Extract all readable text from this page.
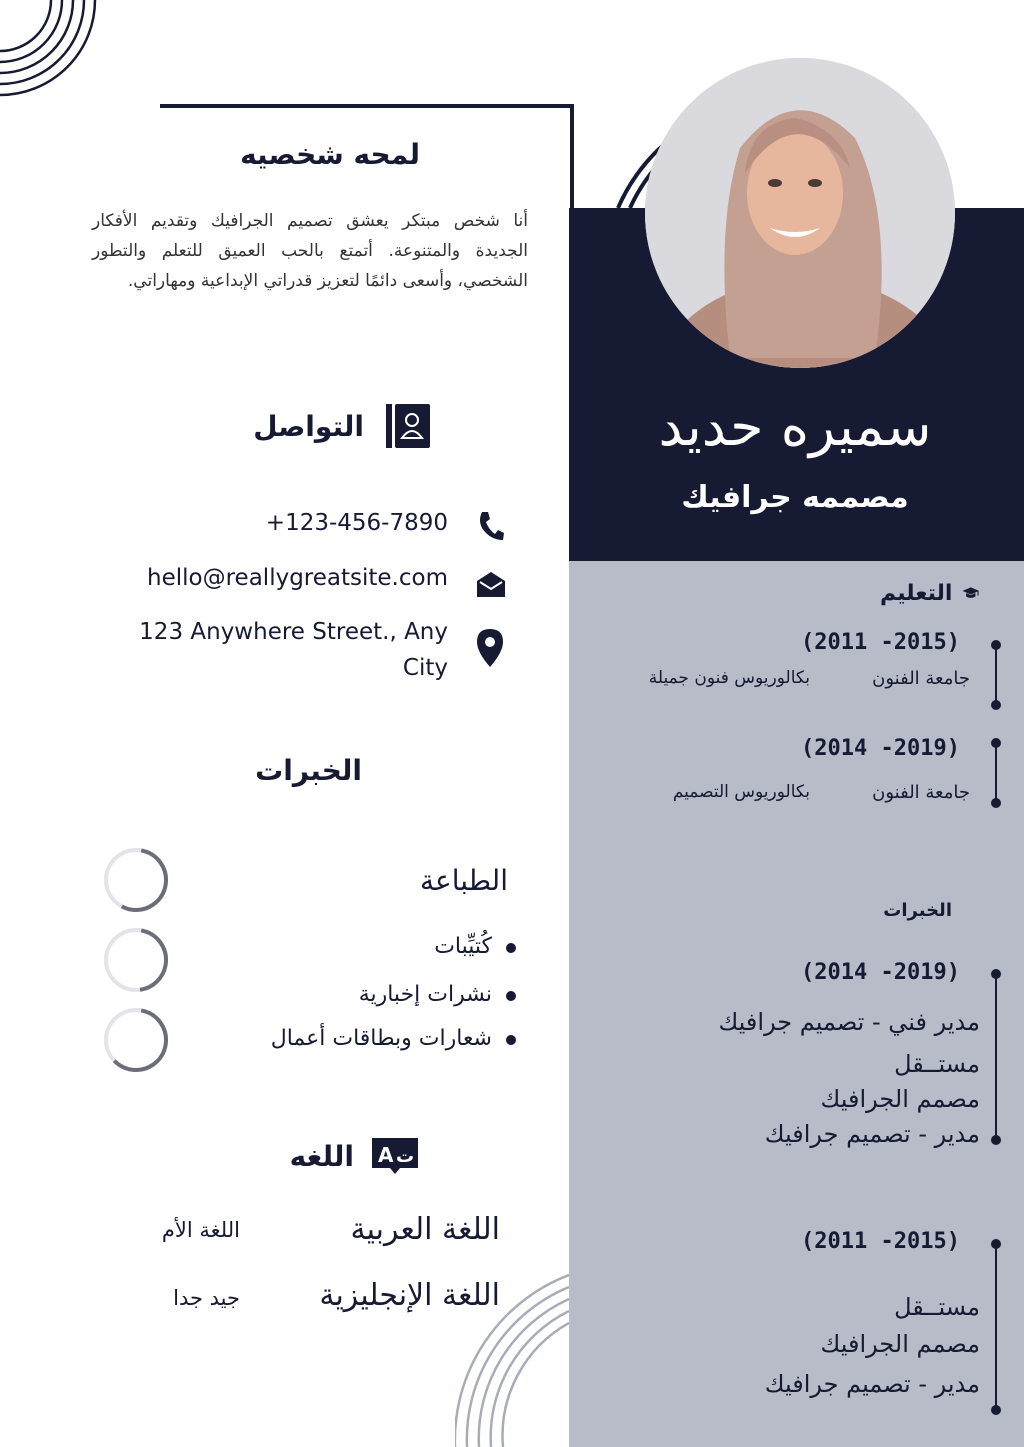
سميره حديد
مصممه جرافيك
التعليم
(2011 -2015)
جامعة الفنون
بكالوريوس فنون جميلة
(2014 -2019)
جامعة الفنون
بكالوريوس التصميم
الخبرات
(2014 -2019)
مدير فني - تصميم جرافيك
مستــقل
مصمم الجرافيك
مدير - تصميم جرافيك
(2011 -2015)
مستــقل
مصمم الجرافيك
مدير - تصميم جرافيك
لمحه شخصيه
أنا شخص مبتكر يعشق تصميم الجرافيك وتقديم الأفكار الجديدة والمتنوعة. أتمتع بالحب العميق للتعلم والتطور الشخصي، وأسعى دائمًا لتعزيز قدراتي الإبداعية ومهاراتي.
التواصل
+123-456-7890
hello@reallygreatsite.com
123 Anywhere Street., Any
City
الخبرات
الطباعة
كُتيِّبات
نشرات إخبارية
شعارات وبطاقات أعمال
اللغه A ت
اللغة العربية
اللغة الأم
اللغة الإنجليزية
جيد جدا
